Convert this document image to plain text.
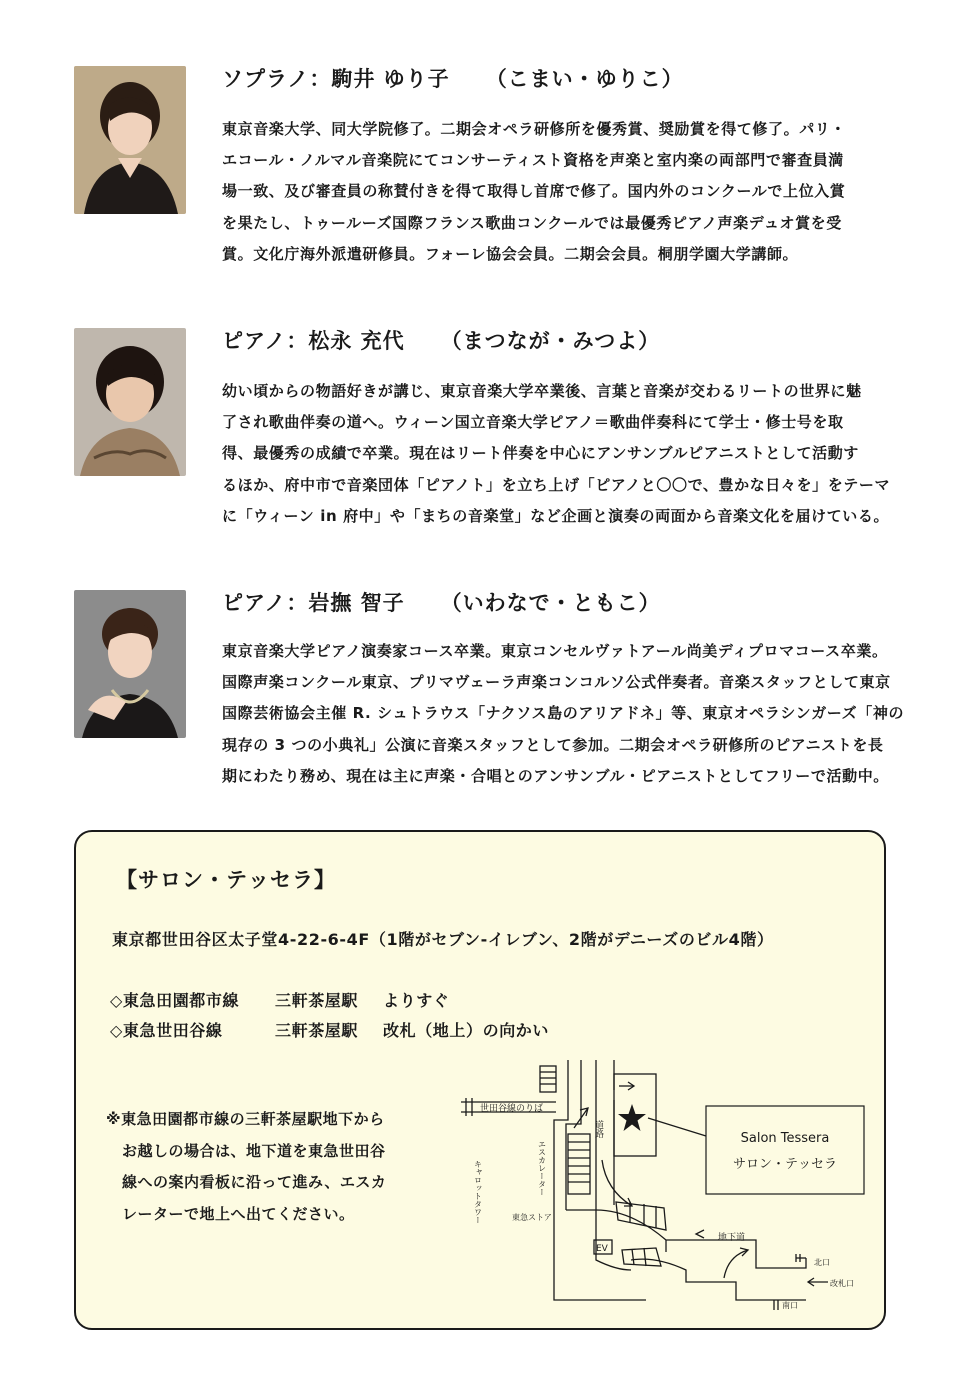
ソプラノ：駒井 ゆり子 （こまい・ゆりこ）
東京音楽大学、同大学院修了。二期会オペラ研修所を優秀賞、奨励賞を得て修了。パリ・
エコール・ノルマル音楽院にてコンサーティスト資格を声楽と室内楽の両部門で審査員満
場一致、及び審査員の称賛付きを得て取得し首席で修了。国内外のコンクールで上位入賞
を果たし、トゥールーズ国際フランス歌曲コンクールでは最優秀ピアノ声楽デュオ賞を受
賞。文化庁海外派遣研修員。フォーレ協会会員。二期会会員。桐朋学園大学講師。
ピアノ：松永 充代 （まつなが・みつよ）
幼い頃からの物語好きが講じ、東京音楽大学卒業後、言葉と音楽が交わるリートの世界に魅
了され歌曲伴奏の道へ。ウィーン国立音楽大学ピアノ＝歌曲伴奏科にて学士・修士号を取
得、最優秀の成績で卒業。現在はリート伴奏を中心にアンサンブルピアニストとして活動す
るほか、府中市で音楽団体「ピアノト」を立ち上げ「ピアノと〇〇で、豊かな日々を」をテーマ
に「ウィーン in 府中」や「まちの音楽堂」など企画と演奏の両面から音楽文化を届けている。
ピアノ：岩撫 智子 （いわなで・ともこ）
東京音楽大学ピアノ演奏家コース卒業。東京コンセルヴァトアール尚美ディプロマコース卒業。
国際声楽コンクール東京、プリマヴェーラ声楽コンコルソ公式伴奏者。音楽スタッフとして東京
国際芸術協会主催 R. シュトラウス「ナクソス島のアリアドネ」等、東京オペラシンガーズ「神の
現存の 3 つの小典礼」公演に音楽スタッフとして参加。二期会オペラ研修所のピアニストを長
期にわたり務め、現在は主に声楽・合唱とのアンサンブル・ピアニストとしてフリーで活動中。
【サロン・テッセラ】
東京都世田谷区太子堂4-22-6-4F（1階がセブン-イレブン、2階がデニーズのビル4階）
◇東急田園都市線 三軒茶屋駅 よりすぐ
◇東急世田谷線	三軒茶屋駅 改札（地上）の向かい
※東急田園都市線の三軒茶屋駅地下から
お越しの場合は、地下道を東急世田谷
線への案内看板に沿って進み、エスカ
レーターで地上へ出てください。
世田谷線のりば
道路
エスカレーター
キャロットタワー	東急ストア
EV
地下道
北口
改札口
南口
Salon Tessera
サロン・テッセラ
